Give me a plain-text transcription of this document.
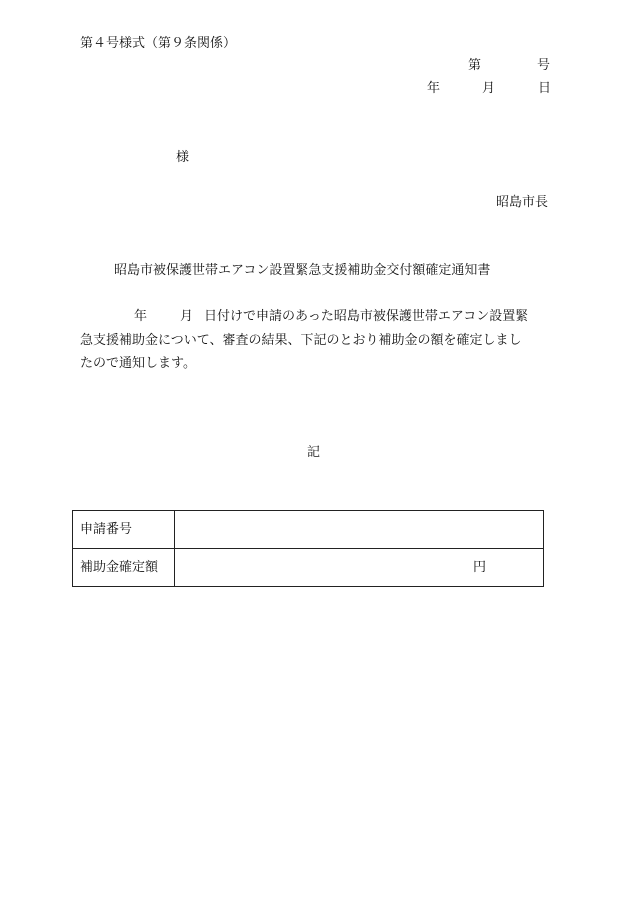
第４号様式（第９条関係）
第	号
年	月	日
様
昭島市長
昭島市被保護世帯エアコン設置緊急支援補助金交付額確定通知書
年	月 日付けで申請のあった昭島市被保護世帯エアコン設置緊
急支援補助金について、審査の結果、下記のとおり補助金の額を確定しまし
たので通知します。
記
申請番号	
補助金確定額	円
